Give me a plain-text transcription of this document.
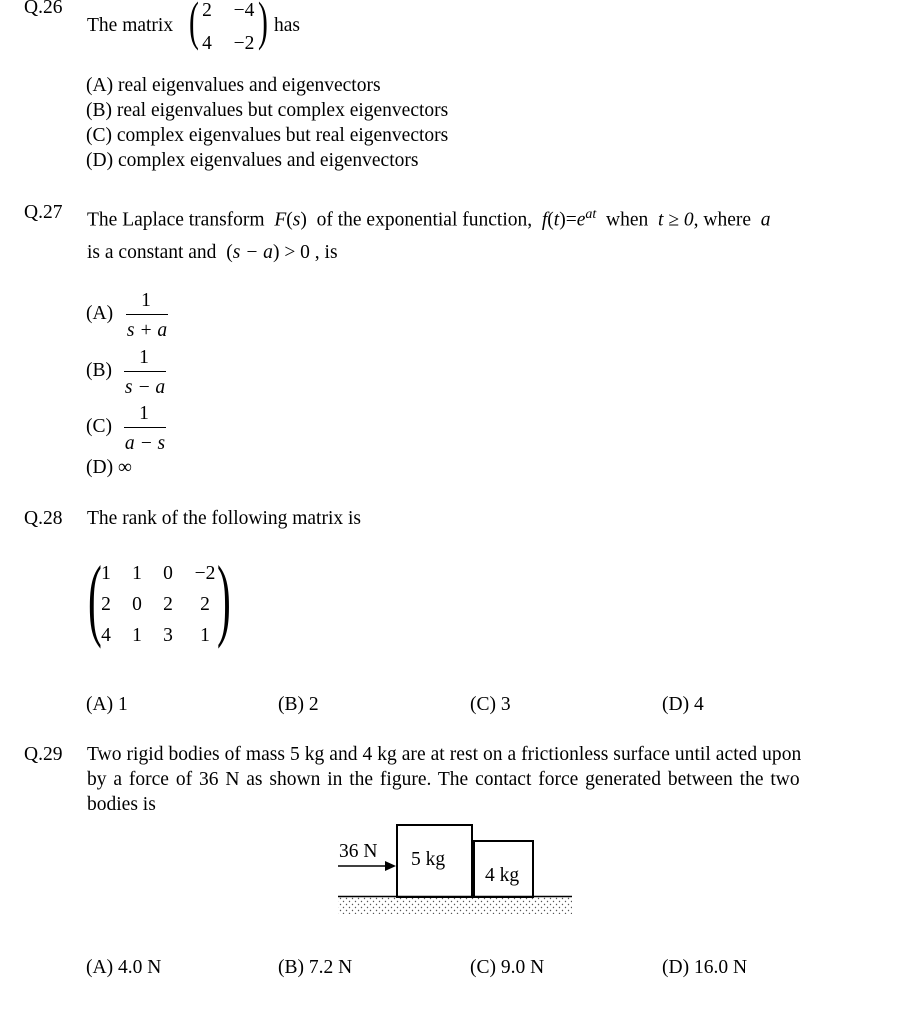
Q.26
The matrix ( 2	−4
4	−2 ) has
(A) real eigenvalues and eigenvectors
(B) real eigenvalues but complex eigenvectors
(C) complex eigenvalues but real eigenvectors
(D) complex eigenvalues and eigenvectors
Q.27 The Laplace transform F(s)  of the exponential function, $f(t)=e^{at}$ when t ≥ 0, where a
is a constant and  (s − a) > 0 , is
(A)
1
s + a
(B)
1
s − a
(C)
1
a − s
(D) ∞
Q.28 The rank of the following matrix is
( 1	1	0	−2
2	0	2	2
4	1	3	1 )
(A) 1	(B) 2	(C) 3	(D) 4
Q.29 Two rigid bodies of mass 5 kg and 4 kg are at rest on a frictionless surface until acted upon
by a force of 36 N as shown in the figure. The contact force generated between the two
bodies is
36 N 5 kg
4 kg
(A) 4.0 N	(B) 7.2 N	(C) 9.0 N	(D) 16.0 N
